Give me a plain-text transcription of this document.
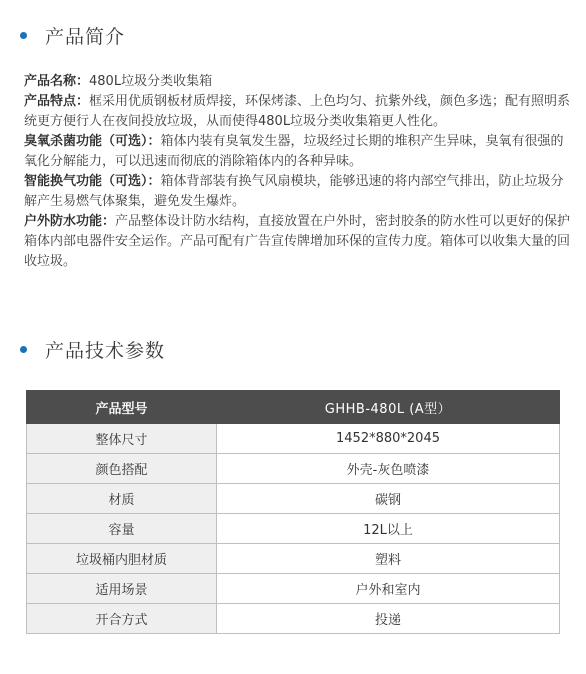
产品简介

产品名称：480L垃圾分类收集箱

产品特点：框采用优质钢板材质焊接，环保烤漆、上色均匀、抗紫外线，颜色多选；配有照明系统更方便行人在夜间投放垃圾，从而使得480L垃圾分类收集箱更人性化。

臭氧杀菌功能（可选）：箱体内装有臭氧发生器，垃圾经过长期的堆积产生异味，臭氧有很强的氧化分解能力，可以迅速而彻底的消除箱体内的各种异味。

智能换气功能（可选）：箱体背部装有换气风扇模块，能够迅速的将内部空气排出，防止垃圾分解产生易燃气体聚集，避免发生爆炸。

户外防水功能：产品整体设计防水结构，直接放置在户外时，密封胶条的防水性可以更好的保护箱体内部电器件安全运作。产品可配有广告宣传牌增加环保的宣传力度。箱体可以收集大量的回收垃圾。

产品技术参数
产品型号	GHHB-480L (A型）
整体尺寸	1452*880*2045
颜色搭配	外壳-灰色喷漆
材质	碳钢
容量	12L以上
垃圾桶内胆材质	塑料
适用场景	户外和室内
开合方式	投递
